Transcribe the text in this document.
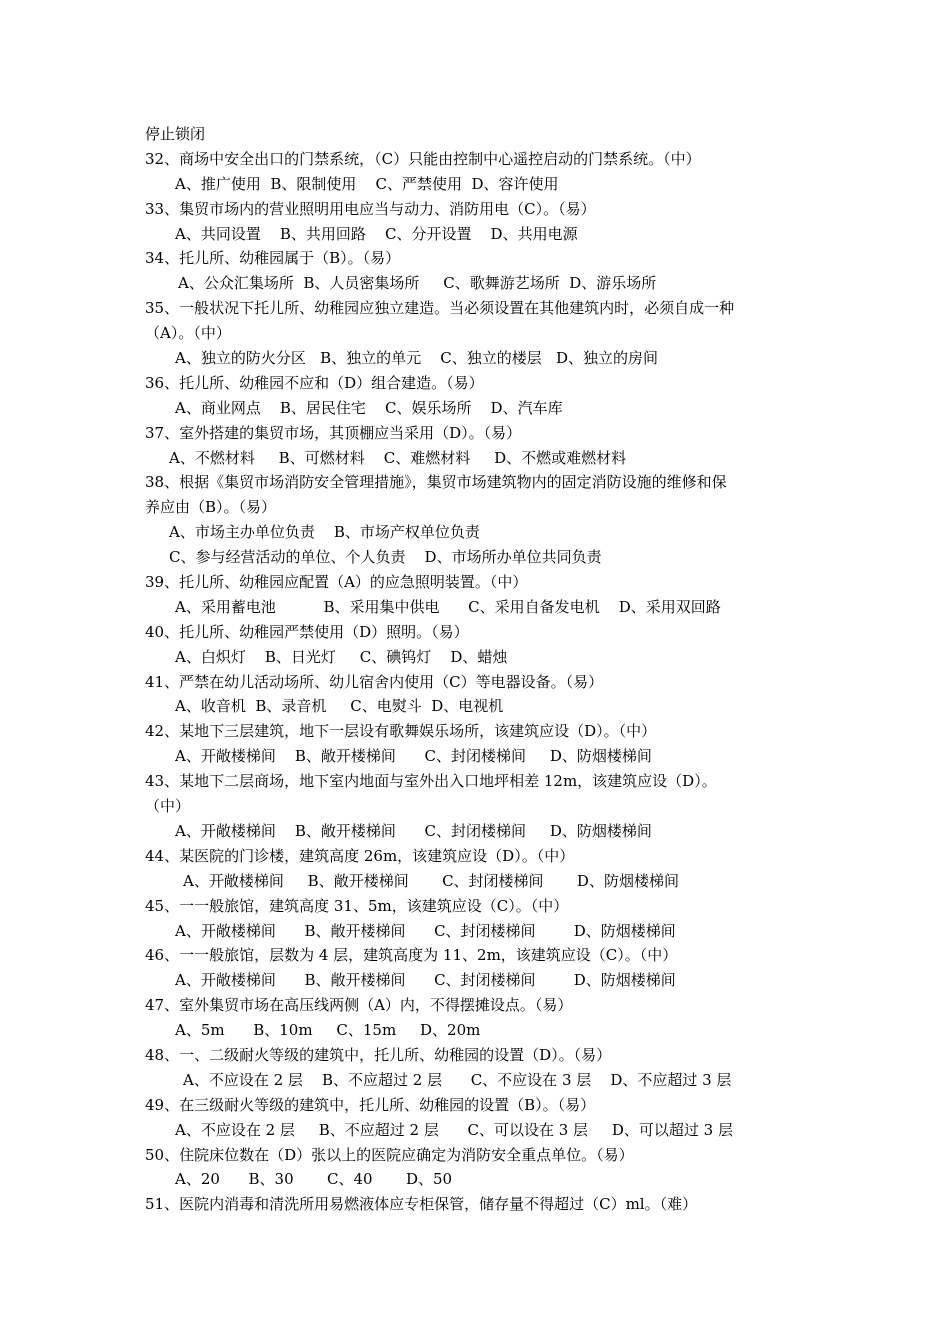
停止锁闭
32、商场中安全出口的门禁系统，（C）只能由控制中心遥控启动的门禁系统。（中）
A、推广使用  B、限制使用    C、严禁使用  D、容许使用
33、集贸市场内的营业照明用电应当与动力、消防用电（C）。（易）
A、共同设置    B、共用回路    C、分开设置    D、共用电源
34、托儿所、幼稚园属于（B）。（易）
A、公众汇集场所  B、人员密集场所     C、歌舞游艺场所  D、游乐场所
35、一般状况下托儿所、幼稚园应独立建造。当必须设置在其他建筑内时，必须自成一种
（A）。（中）
A、独立的防火分区   B、独立的单元    C、独立的楼层   D、独立的房间
36、托儿所、幼稚园不应和（D）组合建造。（易）
A、商业网点    B、居民住宅    C、娱乐场所    D、汽车库
37、室外搭建的集贸市场，其顶棚应当采用（D）。（易）
A、不燃材料     B、可燃材料    C、难燃材料     D、不燃或难燃材料
38、根据《集贸市场消防安全管理措施》，集贸市场建筑物内的固定消防设施的维修和保
养应由（B）。（易）
A、市场主办单位负责    B、市场产权单位负责
C、参与经营活动的单位、个人负责    D、市场所办单位共同负责
39、托儿所、幼稚园应配置（A）的应急照明装置。（中）
A、采用蓄电池          B、采用集中供电      C、采用自备发电机    D、采用双回路
40、托儿所、幼稚园严禁使用（D）照明。（易）
A、白炽灯    B、日光灯     C、碘钨灯    D、蜡烛
41、严禁在幼儿活动场所、幼儿宿舍内使用（C）等电器设备。（易）
A、收音机  B、录音机     C、电熨斗  D、电视机
42、某地下三层建筑，地下一层设有歌舞娱乐场所，该建筑应设（D）。（中）
A、开敞楼梯间    B、敞开楼梯间      C、封闭楼梯间     D、防烟楼梯间
43、某地下二层商场，地下室内地面与室外出入口地坪相差 12m，该建筑应设（D）。
（中）
A、开敞楼梯间    B、敞开楼梯间      C、封闭楼梯间     D、防烟楼梯间
44、某医院的门诊楼，建筑高度 26m，该建筑应设（D）。（中）
A、开敞楼梯间     B、敞开楼梯间       C、封闭楼梯间       D、防烟楼梯间
45、一一般旅馆，建筑高度 31、5m，该建筑应设（C）。（中）
A、开敞楼梯间      B、敞开楼梯间      C、封闭楼梯间        D、防烟楼梯间
46、一一般旅馆，层数为 4 层，建筑高度为 11、2m，该建筑应设（C）。（中）
A、开敞楼梯间      B、敞开楼梯间      C、封闭楼梯间        D、防烟楼梯间
47、室外集贸市场在高压线两侧（A）内，不得摆摊设点。（易）
A、5m      B、10m     C、15m     D、20m
48、一、二级耐火等级的建筑中，托儿所、幼稚园的设置（D）。（易）
A、不应设在 2 层    B、不应超过 2 层      C、不应设在 3 层    D、不应超过 3 层
49、在三级耐火等级的建筑中，托儿所、幼稚园的设置（B）。（易）
A、不应设在 2 层     B、不应超过 2 层      C、可以设在 3 层     D、可以超过 3 层
50、住院床位数在（D）张以上的医院应确定为消防安全重点单位。（易）
A、20      B、30       C、40       D、50
51、医院内消毒和清洗所用易燃液体应专柜保管，储存量不得超过（C）ml。（难）
